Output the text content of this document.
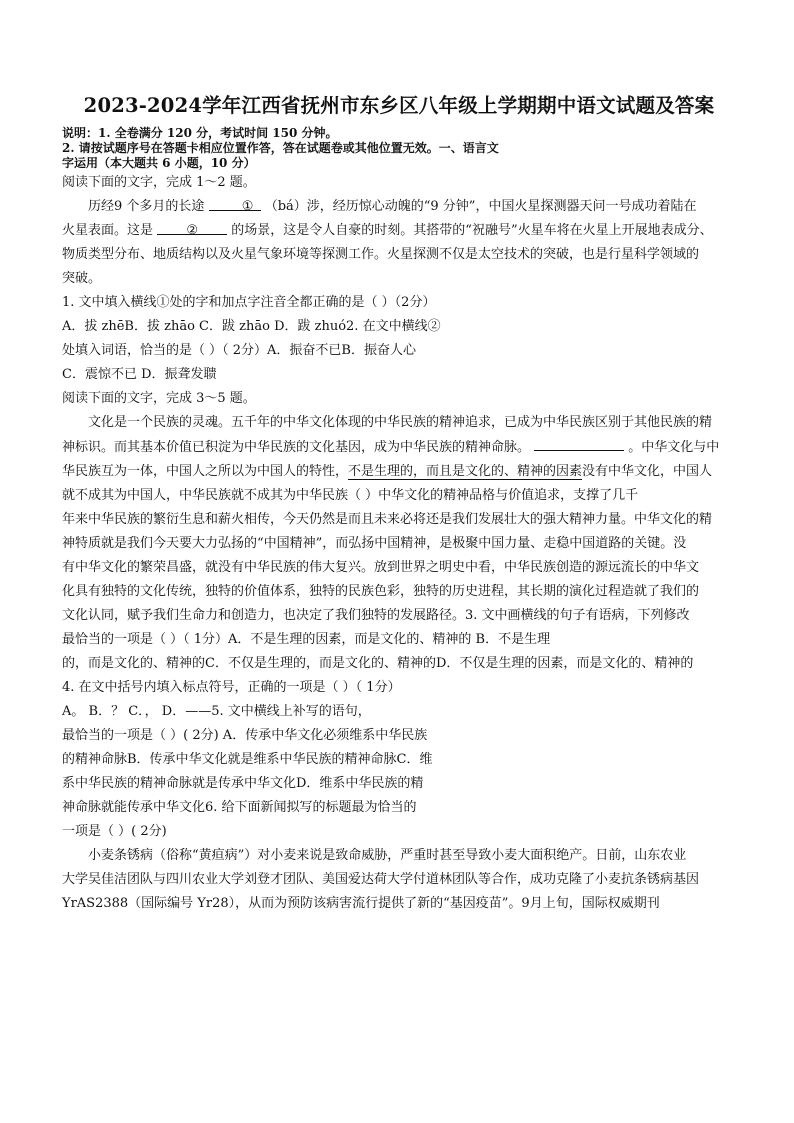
2023-2024学年江西省抚州市东乡区八年级上学期期中语文试题及答案
说明：1. 全卷满分 120 分，考试时间 150 分钟。
2. 请按试题序号在答题卡相应位置作答，答在试题卷或其他位置无效。一、语言文
字运用（本大题共 6 小题，10 分）
阅读下面的文字，完成 1～2 题。
历经9 个多月的长途	① （bá）涉，经历惊心动魄的“9 分钟”，中国火星探测器天问一号成功着陆在
火星表面。这是	②	的场景，这是令人自豪的时刻。其搭带的“祝融号”火星车将在火星上开展地表成分、
物质类型分布、地质结构以及火星气象环境等探测工作。火星探测不仅是太空技术的突破，也是行星科学领域的
突破。
1. 文中填入横线①处的字和加点字注音全都正确的是（ ）（2分）
A．拔 zhēB．拔 zhāo C．跋 zhāo D．跋 zhuó2. 在文中横线②
处填入词语，恰当的是（ ）（ 2分）A．振奋不已B．振奋人心
C．震惊不已 D．振聋发聩
阅读下面的文字，完成 3～5 题。
文化是一个民族的灵魂。五千年的中华文化体现的中华民族的精神追求，已成为中华民族区别于其他民族的精
神标识。而其基本价值已积淀为中华民族的文化基因，成为中华民族的精神命脉。	。中华文化与中
华民族互为一体，中国人之所以为中国人的特性，不是生理的，而且是文化的、精神的因素没有中华文化，中国人
就不成其为中国人，中华民族就不成其为中华民族（ ）中华文化的精神品格与价值追求，支撑了几千
年来中华民族的繁衍生息和薪火相传，今天仍然是而且未来必将还是我们发展壮大的强大精神力量。中华文化的精
神特质就是我们今天要大力弘扬的“中国精神”，而弘扬中国精神，是极聚中国力量、走稳中国道路的关键。没
有中华文化的繁荣昌盛，就没有中华民族的伟大复兴。放到世界之明史中看，中华民族创造的源远流长的中华文
化具有独特的文化传统，独特的价值体系，独特的民族色彩，独特的历史进程，其长期的演化过程造就了我们的
文化认同，赋予我们生命力和创造力，也决定了我们独特的发展路径。3. 文中画横线的句子有语病，下列修改
最恰当的一项是（ ）（ 1分）A．不是生理的因素，而是文化的、精神的 B．不是生理
的，而是文化的、精神的C．不仅是生理的，而是文化的、精神的D．不仅是生理的因素，而是文化的、精神的
4. 在文中括号内填入标点符号，正确的一项是（ ）（ 1分）
A。 B．？ C．， D．——5. 文中横线上补写的语句，
最恰当的一项是（ ）( 2分) A．传承中华文化必须维系中华民族
的精神命脉B．传承中华文化就是维系中华民族的精神命脉C．维
系中华民族的精神命脉就是传承中华文化D．维系中华民族的精
神命脉就能传承中华文化6. 给下面新闻拟写的标题最为恰当的
一项是（ ）( 2分)
小麦条锈病（俗称“黄疸病”）对小麦来说是致命威胁，严重时甚至导致小麦大面积绝产。日前，山东农业
大学吴佳洁团队与四川农业大学刘登才团队、美国爱达荷大学付道林团队等合作，成功克隆了小麦抗条锈病基因
YrAS2388（国际编号 Yr28），从而为预防该病害流行提供了新的“基因疫苗”。9月上旬，国际权威期刊
